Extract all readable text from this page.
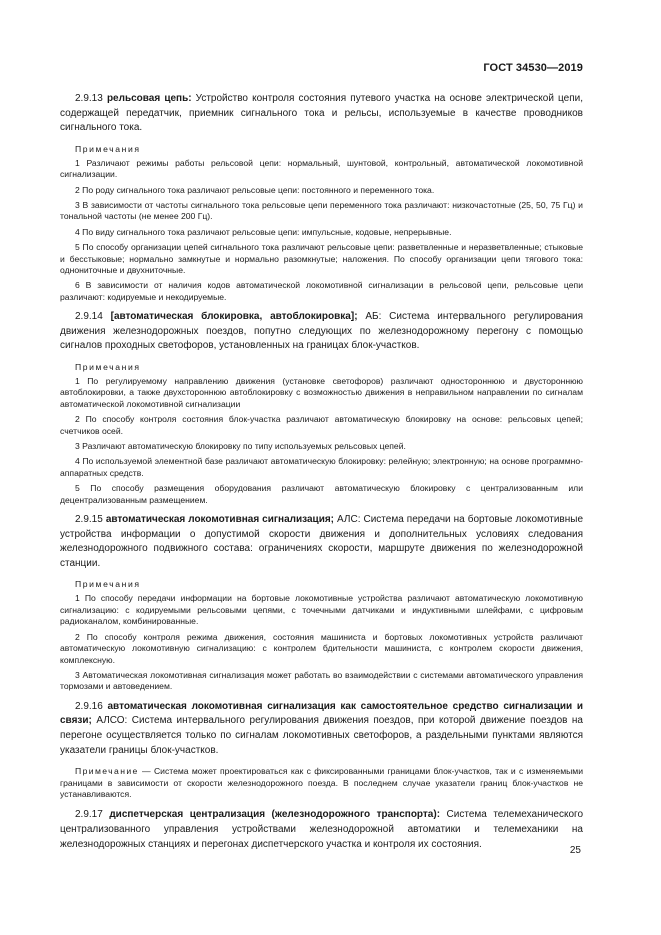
ГОСТ 34530—2019

2.9.13 рельсовая цепь: Устройство контроля состояния путевого участка на основе электрической цепи, содержащей передатчик, приемник сигнального тока и рельсы, используемые в качестве проводников сигнального тока.

Примечания

1 Различают режимы работы рельсовой цепи: нормальный, шунтовой, контрольный, автоматической локомотивной сигнализации.

2 По роду сигнального тока различают рельсовые цепи: постоянного и переменного тока.

3 В зависимости от частоты сигнального тока рельсовые цепи переменного тока различают: низкочастотные (25, 50, 75 Гц) и тональной частоты (не менее 200 Гц).

4 По виду сигнального тока различают рельсовые цепи: импульсные, кодовые, непрерывные.

5 По способу организации цепей сигнального тока различают рельсовые цепи: разветвленные и неразветвленные; стыковые и бесстыковые; нормально замкнутые и нормально разомкнутые; наложения. По способу организации цепи тягового тока: однониточные и двухниточные.

6 В зависимости от наличия кодов автоматической локомотивной сигнализации в рельсовой цепи, рельсовые цепи различают: кодируемые и некодируемые.

2.9.14 [автоматическая блокировка, автоблокировка]; АБ: Система интервального регулирования движения железнодорожных поездов, попутно следующих по железнодорожному перегону с помощью сигналов проходных светофоров, установленных на границах блок-участков.

Примечания

1 По регулируемому направлению движения (установке светофоров) различают одностороннюю и двустороннюю автоблокировки, а также двухстороннюю автоблокировку с возможностью движения в неправильном направлении по сигналам автоматической локомотивной сигнализации

2 По способу контроля состояния блок-участка различают автоматическую блокировку на основе: рельсовых цепей; счетчиков осей.

3 Различают автоматическую блокировку по типу используемых рельсовых цепей.

4 По используемой элементной базе различают автоматическую блокировку: релейную; электронную; на основе программно-аппаратных средств.

5 По способу размещения оборудования различают автоматическую блокировку с централизованным или децентрализованным размещением.

2.9.15 автоматическая локомотивная сигнализация; АЛС: Система передачи на бортовые локомотивные устройства информации о допустимой скорости движения и дополнительных условиях следования железнодорожного подвижного состава: ограничениях скорости, маршруте движения по железнодорожной станции.

Примечания

1 По способу передачи информации на бортовые локомотивные устройства различают автоматическую локомотивную сигнализацию: с кодируемыми рельсовыми цепями, с точечными датчиками и индуктивными шлейфами, с цифровым радиоканалом, комбинированные.

2 По способу контроля режима движения, состояния машиниста и бортовых локомотивных устройств различают автоматическую локомотивную сигнализацию: с контролем бдительности машиниста, с контролем скорости движения, комплексную.

3 Автоматическая локомотивная сигнализация может работать во взаимодействии с системами автоматического управления тормозами и автоведением.

2.9.16 автоматическая локомотивная сигнализация как самостоятельное средство сигнализации и связи; АЛСО: Система интервального регулирования движения поездов, при которой движение поездов на перегоне осуществляется только по сигналам локомотивных светофоров, а раздельными пунктами являются указатели границы блок-участков.

Примечание — Система может проектироваться как с фиксированными границами блок-участков, так и с изменяемыми границами в зависимости от скорости железнодорожного поезда. В последнем случае указатели границ блок-участков не устанавливаются.

2.9.17 диспетчерская централизация (железнодорожного транспорта): Система телемеханического централизованного управления устройствами железнодорожной автоматики и телемеханики на железнодорожных станциях и перегонах диспетчерского участка и контроля их состояния.

25
